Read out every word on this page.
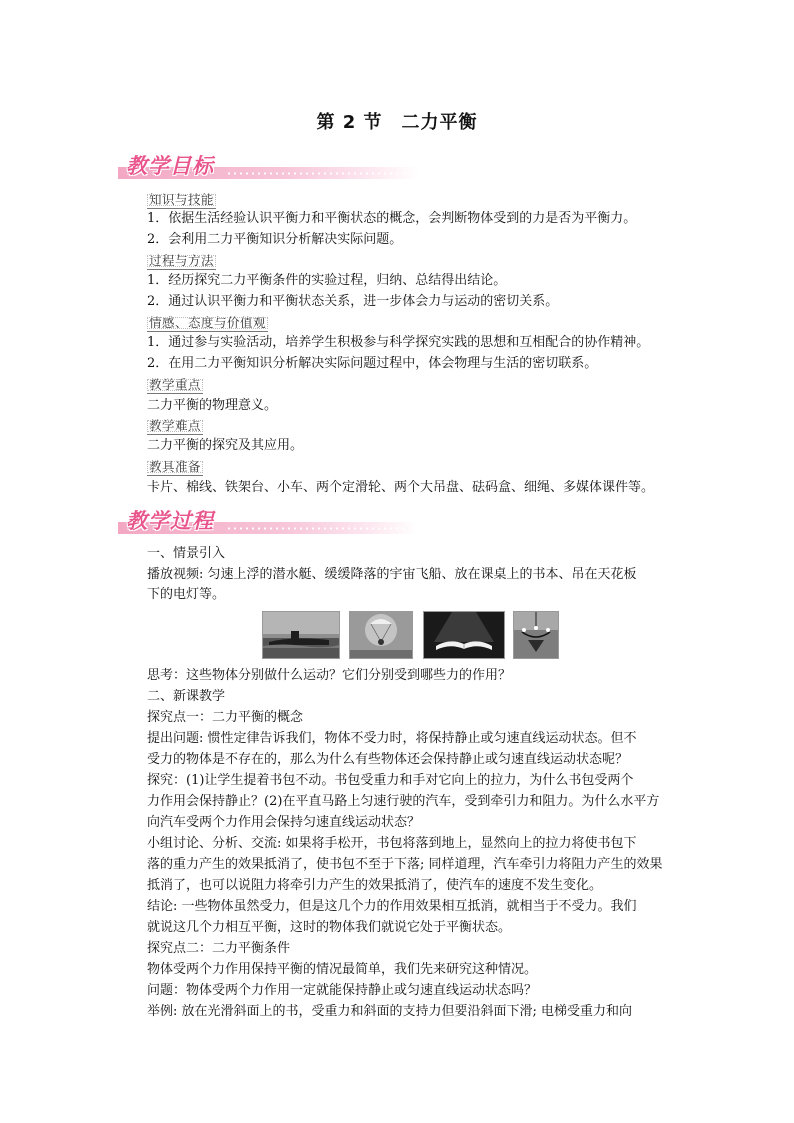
第 2 节　二力平衡
教学目标
知识与技能
1．依据生活经验认识平衡力和平衡状态的概念，会判断物体受到的力是否为平衡力。
2．会利用二力平衡知识分析解决实际问题。
过程与方法
1．经历探究二力平衡条件的实验过程，归纳、总结得出结论。
2．通过认识平衡力和平衡状态关系，进一步体会力与运动的密切关系。
情感、态度与价值观
1．通过参与实验活动，培养学生积极参与科学探究实践的思想和互相配合的协作精神。
2．在用二力平衡知识分析解决实际问题过程中，体会物理与生活的密切联系。
教学重点
二力平衡的物理意义。
教学难点
二力平衡的探究及其应用。
教具准备
卡片、棉线、铁架台、小车、两个定滑轮、两个大吊盘、砝码盒、细绳、多媒体课件等。
教学过程
一、情景引入
播放视频: 匀速上浮的潜水艇、缓缓降落的宇宙飞船、放在课桌上的书本、吊在天花板
下的电灯等。
思考：这些物体分别做什么运动？它们分别受到哪些力的作用？
二、新课教学
探究点一：二力平衡的概念
提出问题: 惯性定律告诉我们，物体不受力时，将保持静止或匀速直线运动状态。但不
受力的物体是不存在的，那么为什么有些物体还会保持静止或匀速直线运动状态呢？
探究：(1)让学生提着书包不动。书包受重力和手对它向上的拉力，为什么书包受两个
力作用会保持静止？(2)在平直马路上匀速行驶的汽车，受到牵引力和阻力。为什么水平方
向汽车受两个力作用会保持匀速直线运动状态？
小组讨论、分析、交流: 如果将手松开，书包将落到地上，显然向上的拉力将使书包下
落的重力产生的效果抵消了，使书包不至于下落; 同样道理，汽车牵引力将阻力产生的效果
抵消了，也可以说阻力将牵引力产生的效果抵消了，使汽车的速度不发生变化。
结论: 一些物体虽然受力，但是这几个力的作用效果相互抵消，就相当于不受力。我们
就说这几个力相互平衡，这时的物体我们就说它处于平衡状态。
探究点二：二力平衡条件
物体受两个力作用保持平衡的情况最简单，我们先来研究这种情况。
问题：物体受两个力作用一定就能保持静止或匀速直线运动状态吗？
举例: 放在光滑斜面上的书，受重力和斜面的支持力但要沿斜面下滑; 电梯受重力和向
